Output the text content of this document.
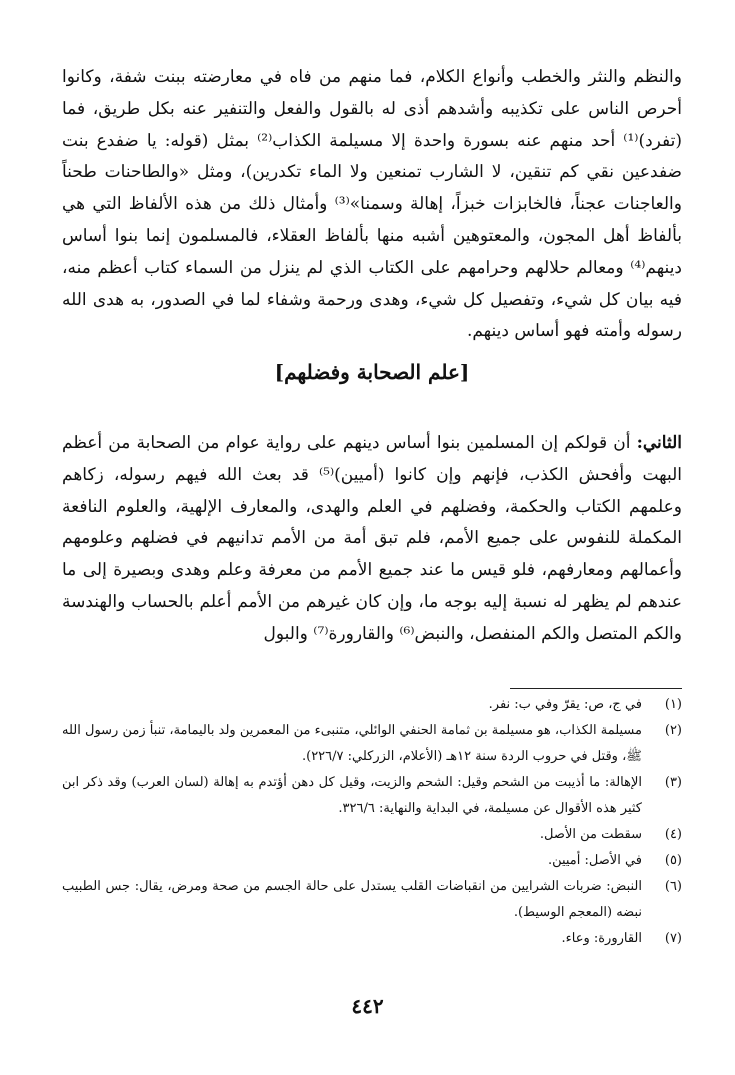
والنظم والنثر والخطب وأنواع الكلام، فما منهم من فاه في معارضته ببنت شفة، وكانوا أحرص الناس على تكذيبه وأشدهم أذى له بالقول والفعل والتنفير عنه بكل طريق، فما (تفرد)⁽¹⁾ أحد منهم عنه بسورة واحدة إلا مسيلمة الكذاب⁽²⁾ بمثل (قوله: يا ضفدع بنت ضفدعين نقي كم تنقين، لا الشارب تمنعين ولا الماء تكدرين)، ومثل «والطاحنات طحناً والعاجنات عجناً، فالخابزات خبزاً، إهالة وسمنا»⁽³⁾ وأمثال ذلك من هذه الألفاظ التي هي بألفاظ أهل المجون، والمعتوهين أشبه منها بألفاظ العقلاء، فالمسلمون إنما بنوا أساس دينهم⁽⁴⁾ ومعالم حلالهم وحرامهم على الكتاب الذي لم ينزل من السماء كتاب أعظم منه، فيه بيان كل شيء، وتفصيل كل شيء، وهدى ورحمة وشفاء لما في الصدور، به هدى الله رسوله وأمته فهو أساس دينهم.

[علم الصحابة وفضلهم]

الثاني: أن قولكم إن المسلمين بنوا أساس دينهم على رواية عوام من الصحابة من أعظم البهت وأفحش الكذب، فإنهم وإن كانوا (أميين)⁽⁵⁾ قد بعث الله فيهم رسوله، زكاهم وعلمهم الكتاب والحكمة، وفضلهم في العلم والهدى، والمعارف الإلهية، والعلوم النافعة المكملة للنفوس على جميع الأمم، فلم تبق أمة من الأمم تدانيهم في فضلهم وعلومهم وأعمالهم ومعارفهم، فلو قيس ما عند جميع الأمم من معرفة وعلم وهدى وبصيرة إلى ما عندهم لم يظهر له نسبة إليه بوجه ما، وإن كان غيرهم من الأمم أعلم بالحساب والهندسة والكم المتصل والكم المنفصل، والنبض⁽⁶⁾ والقارورة⁽⁷⁾ والبول

(١)
في ج، ص: يقرّ وفي ب: نفر.
(٢)
مسيلمة الكذاب، هو مسيلمة بن ثمامة الحنفي الوائلي، متنبىء من المعمرين ولد باليمامة، تنبأ زمن رسول الله ﷺ، وقتل في حروب الردة سنة ١٢هـ (الأعلام، الزركلي: ٢٢٦/٧).
(٣)
الإهالة: ما أذيبت من الشحم وقيل: الشحم والزيت، وقيل كل دهن أؤتدم به إهالة (لسان العرب) وقد ذكر ابن كثير هذه الأقوال عن مسيلمة، في البداية والنهاية: ٣٢٦/٦.
(٤)
سقطت من الأصل.
(٥)
في الأصل: أميين.
(٦)
النبض: ضربات الشرايين من انقباضات القلب يستدل على حالة الجسم من صحة ومرض، يقال: جس الطبيب نبضه (المعجم الوسيط).
(٧)
القارورة: وعاء.
٤٤٢
